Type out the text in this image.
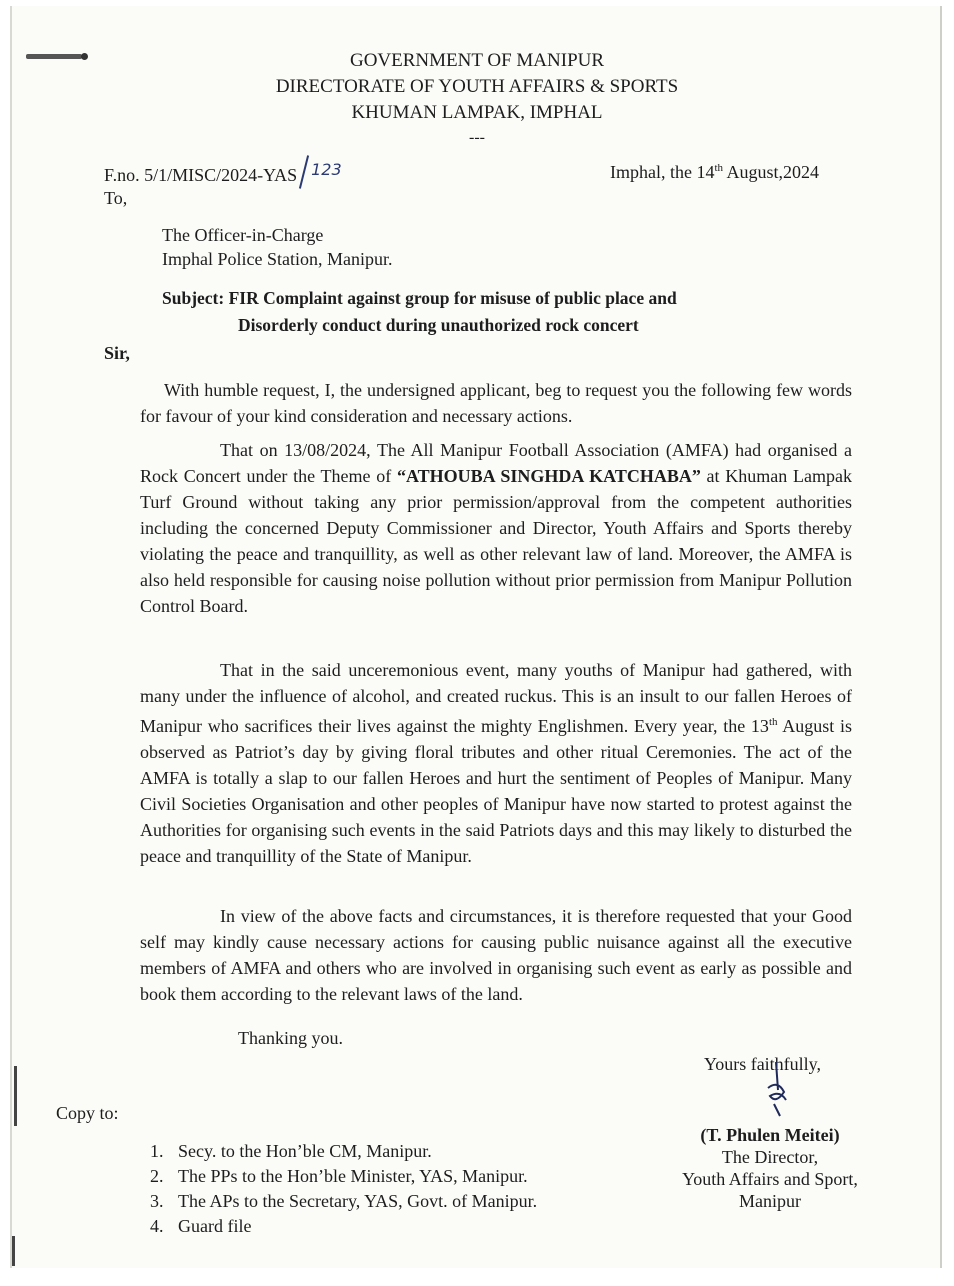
GOVERNMENT OF MANIPUR
DIRECTORATE OF YOUTH AFFAIRS & SPORTS
KHUMAN LAMPAK, IMPHAL
---
F.no. 5/1/MISC/2024-YAS 123	Imphal, the 14th August,2024
To,
The Officer-in-Charge
Imphal Police Station, Manipur.
Subject: FIR Complaint against group for misuse of public place and
Disorderly conduct during unauthorized rock concert
Sir,
With humble request, I, the undersigned applicant, beg to request you the following few words for favour of your kind consideration and necessary actions.
That on 13/08/2024, The All Manipur Football Association (AMFA) had organised a Rock Concert under the Theme of “ATHOUBA SINGHDA KATCHABA” at Khuman Lampak Turf Ground without taking any prior permission/approval from the competent authorities including the concerned Deputy Commissioner and Director, Youth Affairs and Sports thereby violating the peace and tranquillity, as well as other relevant law of land. Moreover, the AMFA is also held responsible for causing noise pollution without prior permission from Manipur Pollution Control Board.
That in the said unceremonious event, many youths of Manipur had gathered, with many under the influence of alcohol, and created ruckus. This is an insult to our fallen Heroes of Manipur who sacrifices their lives against the mighty Englishmen. Every year, the 13th August is observed as Patriot’s day by giving floral tributes and other ritual Ceremonies. The act of the AMFA is totally a slap to our fallen Heroes and hurt the sentiment of Peoples of Manipur. Many Civil Societies Organisation and other peoples of Manipur have now started to protest against the Authorities for organising such events in the said Patriots days and this may likely to disturbed the peace and tranquillity of the State of Manipur.
In view of the above facts and circumstances, it is therefore requested that your Good self may kindly cause necessary actions for causing public nuisance against all the executive members of AMFA and others who are involved in organising such event as early as possible and book them according to the relevant laws of the land.
Thanking you.
Yours faithfully,
Copy to:
1. Secy. to the Hon’ble CM, Manipur.
2. The PPs to the Hon’ble Minister, YAS, Manipur.
3. The APs to the Secretary, YAS, Govt. of Manipur.
4. Guard file
(T. Phulen Meitei)
The Director,
Youth Affairs and Sport,
Manipur
